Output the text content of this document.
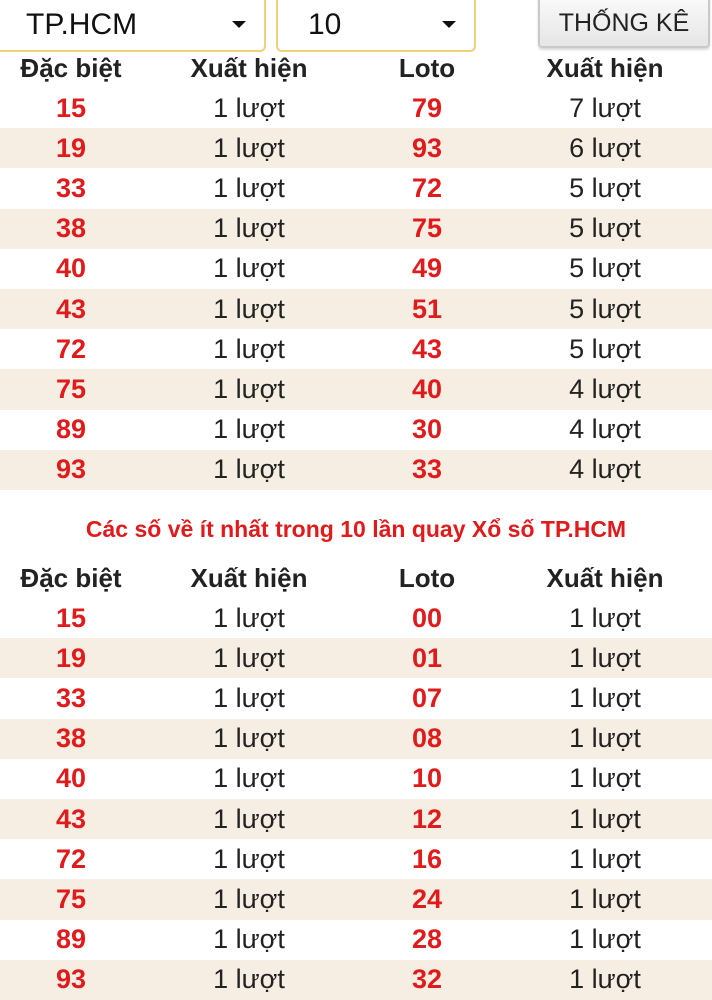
TP.HCM	10	THỐNG KÊ
Đặc biệt	Xuất hiện	Loto	Xuất hiện
15	1 lượt	79	7 lượt
19	1 lượt	93	6 lượt
33	1 lượt	72	5 lượt
38	1 lượt	75	5 lượt
40	1 lượt	49	5 lượt
43	1 lượt	51	5 lượt
72	1 lượt	43	5 lượt
75	1 lượt	40	4 lượt
89	1 lượt	30	4 lượt
93	1 lượt	33	4 lượt
Các số về ít nhất trong 10 lần quay Xổ số TP.HCM
Đặc biệt	Xuất hiện	Loto	Xuất hiện
15	1 lượt	00	1 lượt
19	1 lượt	01	1 lượt
33	1 lượt	07	1 lượt
38	1 lượt	08	1 lượt
40	1 lượt	10	1 lượt
43	1 lượt	12	1 lượt
72	1 lượt	16	1 lượt
75	1 lượt	24	1 lượt
89	1 lượt	28	1 lượt
93	1 lượt	32	1 lượt
